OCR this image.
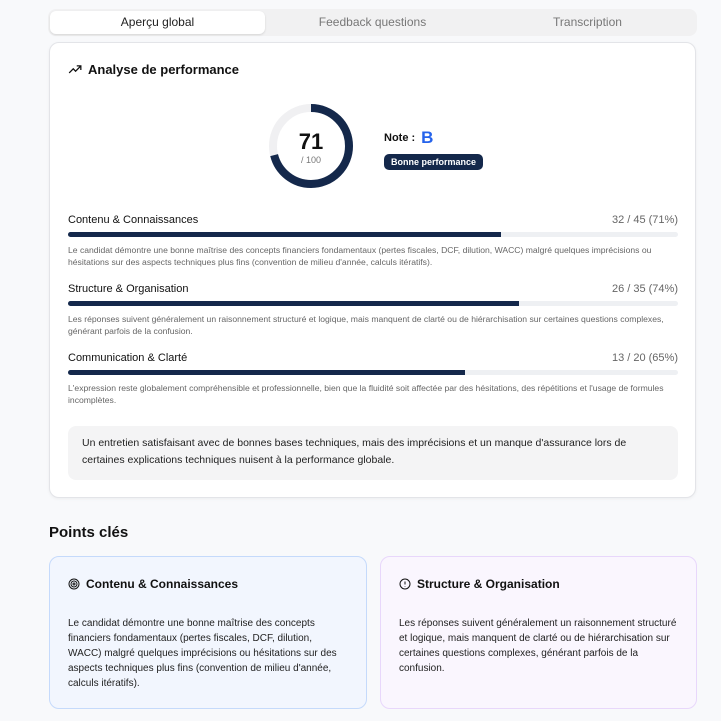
Aperçu global	Feedback questions	Transcription
Analyse de performance
71
/ 100
Note : B
Bonne performance
Contenu & Connaissances	32 / 45 (71%)
Le candidat démontre une bonne maîtrise des concepts financiers fondamentaux (pertes fiscales, DCF, dilution, WACC) malgré quelques imprécisions ou hésitations sur des aspects techniques plus fins (convention de milieu d'année, calculs itératifs).
Structure & Organisation	26 / 35 (74%)
Les réponses suivent généralement un raisonnement structuré et logique, mais manquent de clarté ou de hiérarchisation sur certaines questions complexes, générant parfois de la confusion.
Communication & Clarté	13 / 20 (65%)
L'expression reste globalement compréhensible et professionnelle, bien que la fluidité soit affectée par des hésitations, des répétitions et l'usage de formules incomplètes.
Un entretien satisfaisant avec de bonnes bases techniques, mais des imprécisions et un manque d'assurance lors de certaines explications techniques nuisent à la performance globale.
Points clés
Contenu & Connaissances
Le candidat démontre une bonne maîtrise des concepts financiers fondamentaux (pertes fiscales, DCF, dilution, WACC) malgré quelques imprécisions ou hésitations sur des aspects techniques plus fins (convention de milieu d'année, calculs itératifs).
Structure & Organisation
Les réponses suivent généralement un raisonnement structuré et logique, mais manquent de clarté ou de hiérarchisation sur certaines questions complexes, générant parfois de la confusion.
